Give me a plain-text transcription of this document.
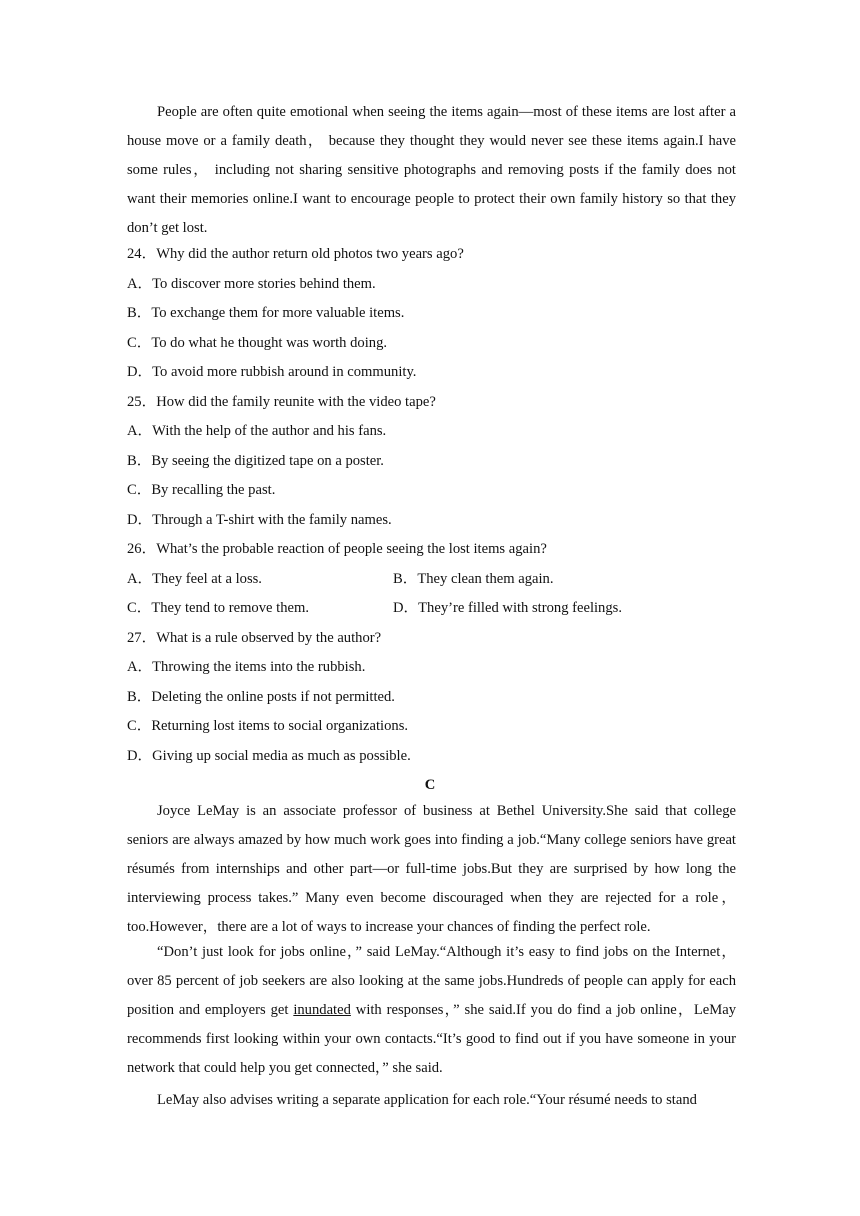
People are often quite emotional when seeing the items again—most of these items are lost after a house move or a family death， because they thought they would never see these items again.I have some rules， including not sharing sensitive photographs and removing posts if the family does not want their memories online.I want to encourage people to protect their own family history so that they don’t get lost.

24．Why did the author return old photos two years ago?

A．To discover more stories behind them.

B．To exchange them for more valuable items.

C．To do what he thought was worth doing.

D．To avoid more rubbish around in community.

25．How did the family reunite with the video tape?

A．With the help of the author and his fans.

B．By seeing the digitized tape on a poster.

C．By recalling the past.

D．Through a T-shirt with the family names.

26．What’s the probable reaction of people seeing the lost items again?

A．They feel at a loss.	B．They clean them again.

C．They tend to remove them.	D．They’re filled with strong feelings.

27．What is a rule observed by the author?

A．Throwing the items into the rubbish.

B．Deleting the online posts if not permitted.

C．Returning lost items to social organizations.

D．Giving up social media as much as possible.

C

Joyce LeMay is an associate professor of business at Bethel University.She said that college seniors are always amazed by how much work goes into finding a job.“Many college seniors have great résumés from internships and other part—or full-time jobs.But they are surprised by how long the interviewing process takes.” Many even become discouraged when they are rejected for a role，too.However，there are a lot of ways to increase your chances of finding the perfect role.

“Don’t just look for jobs online，” said LeMay.“Although it’s easy to find jobs on the Internet，over 85 percent of job seekers are also looking at the same jobs.Hundreds of people can apply for each position and employers get inundated with responses，” she said.If you do find a job online，LeMay recommends first looking within your own contacts.“It’s good to find out if you have someone in your network that could help you get connected，” she said.

LeMay also advises writing a separate application for each role.“Your résumé needs to stand
